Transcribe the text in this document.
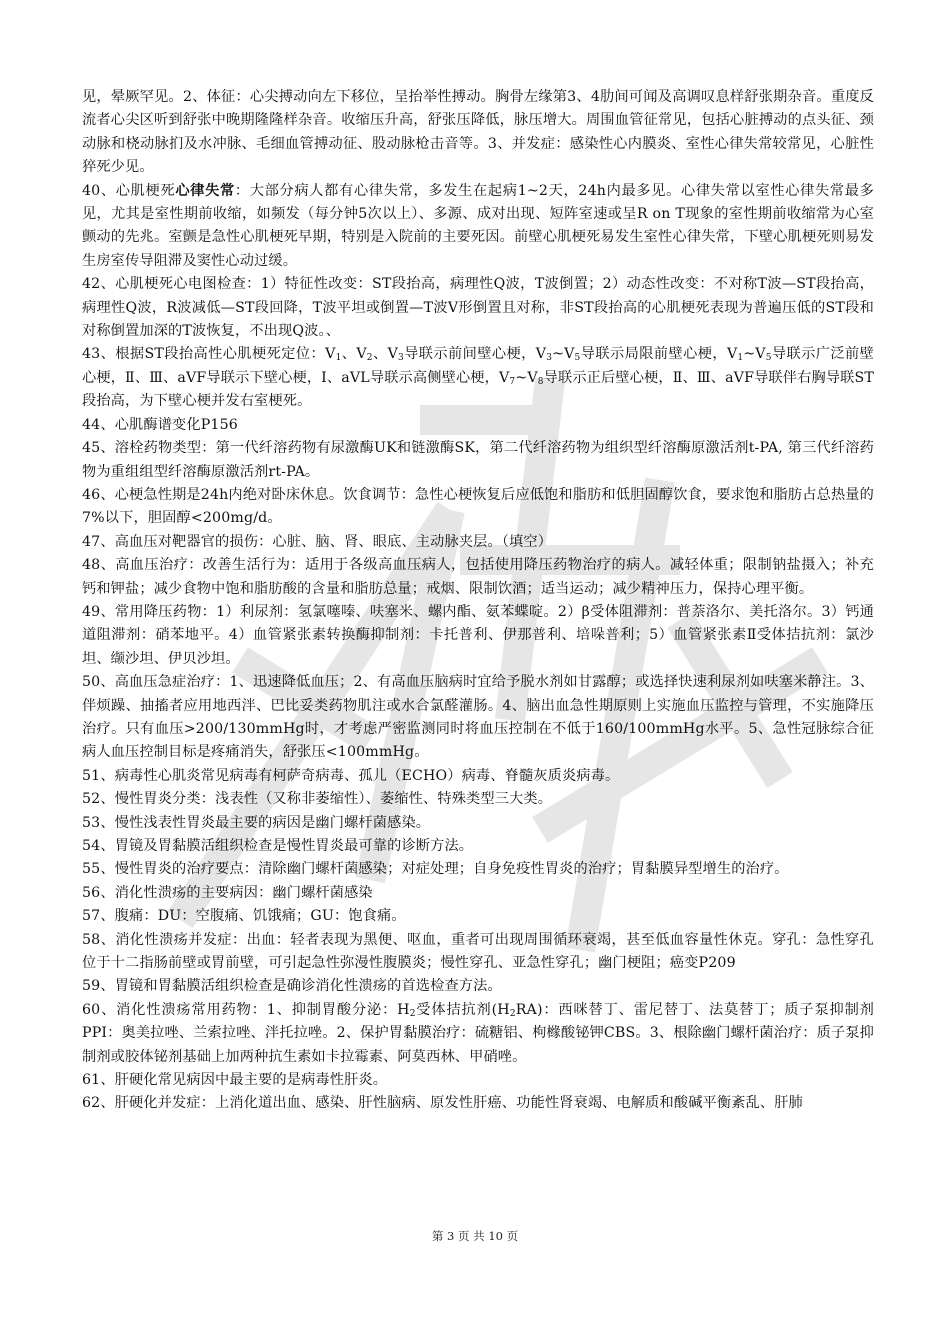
见，晕厥罕见。2、体征：心尖搏动向左下移位，呈抬举性搏动。胸骨左缘第3、4肋间可闻及高调叹息样舒张期杂音。重度反流者心尖区听到舒张中晚期隆隆样杂音。收缩压升高，舒张压降低，脉压增大。周围血管征常见，包括心脏搏动的点头征、颈动脉和桡动脉扪及水冲脉、毛细血管搏动征、股动脉枪击音等。3、并发症：感染性心内膜炎、室性心律失常较常见，心脏性猝死少见。

40、心肌梗死心律失常：大部分病人都有心律失常，多发生在起病1~2天，24h内最多见。心律失常以室性心律失常最多见，尤其是室性期前收缩，如频发（每分钟5次以上）、多源、成对出现、短阵室速或呈R on T现象的室性期前收缩常为心室颤动的先兆。室颤是急性心肌梗死早期，特别是入院前的主要死因。前壁心肌梗死易发生室性心律失常，下壁心肌梗死则易发生房室传导阻滞及窦性心动过缓。

42、心肌梗死心电图检查：1）特征性改变：ST段抬高，病理性Q波，T波倒置；2）动态性改变：不对称T波—ST段抬高，病理性Q波，R波减低—ST段回降，T波平坦或倒置—T波V形倒置且对称，非ST段抬高的心肌梗死表现为普遍压低的ST段和对称倒置加深的T波恢复，不出现Q波。、

43、根据ST段抬高性心肌梗死定位：$V_1$、$V_2$、$V_3$导联示前间壁心梗，$V_3\sim V_5$导联示局限前壁心梗，$V_1\sim V_5$导联示广泛前壁心梗，Ⅱ、Ⅲ、aVF导联示下壁心梗，Ⅰ、aVL导联示高侧壁心梗，$V_7\sim V_8$导联示正后壁心梗，Ⅱ、Ⅲ、aVF导联伴右胸导联ST段抬高，为下壁心梗并发右室梗死。

44、心肌酶谱变化P156

45、溶栓药物类型：第一代纤溶药物有尿激酶UK和链激酶SK，第二代纤溶药物为组织型纤溶酶原激活剂t-PA, 第三代纤溶药物为重组组型纤溶酶原激活剂rt-PA。

46、心梗急性期是24h内绝对卧床休息。饮食调节：急性心梗恢复后应低饱和脂肪和低胆固醇饮食，要求饱和脂肪占总热量的7%以下，胆固醇<200mg/d。

47、高血压对靶器官的损伤：心脏、脑、肾、眼底、主动脉夹层。（填空）

48、高血压治疗：改善生活行为：适用于各级高血压病人，包括使用降压药物治疗的病人。减轻体重；限制钠盐摄入；补充钙和钾盐；减少食物中饱和脂肪酸的含量和脂肪总量；戒烟、限制饮酒；适当运动；减少精神压力，保持心理平衡。

49、常用降压药物：1）利尿剂：氢氯噻嗪、呋塞米、螺内酯、氨苯蝶啶。2）β受体阻滞剂：普萘洛尔、美托洛尔。3）钙通道阻滞剂：硝苯地平。4）血管紧张素转换酶抑制剂：卡托普利、伊那普利、培哚普利；5）血管紧张素Ⅱ受体拮抗剂：氯沙坦、缬沙坦、伊贝沙坦。

50、高血压急症治疗：1、迅速降低血压；2、有高血压脑病时宜给予脱水剂如甘露醇；或选择快速利尿剂如呋塞米静注。3、伴烦躁、抽搐者应用地西泮、巴比妥类药物肌注或水合氯醛灌肠。4、脑出血急性期原则上实施血压监控与管理，不实施降压治疗。只有血压>200/130mmHg时，才考虑严密监测同时将血压控制在不低于160/100mmHg水平。5、急性冠脉综合征病人血压控制目标是疼痛消失，舒张压<100mmHg。

51、病毒性心肌炎常见病毒有柯萨奇病毒、孤儿（ECHO）病毒、脊髓灰质炎病毒。

52、慢性胃炎分类：浅表性（又称非萎缩性）、萎缩性、特殊类型三大类。

53、慢性浅表性胃炎最主要的病因是幽门螺杆菌感染。

54、胃镜及胃黏膜活组织检查是慢性胃炎最可靠的诊断方法。

55、慢性胃炎的治疗要点：清除幽门螺杆菌感染；对症处理；自身免疫性胃炎的治疗；胃黏膜异型增生的治疗。

56、消化性溃疡的主要病因：幽门螺杆菌感染

57、腹痛：DU：空腹痛、饥饿痛；GU：饱食痛。

58、消化性溃疡并发症：出血：轻者表现为黑便、呕血，重者可出现周围循环衰竭，甚至低血容量性休克。穿孔：急性穿孔位于十二指肠前壁或胃前壁，可引起急性弥漫性腹膜炎；慢性穿孔、亚急性穿孔；幽门梗阻；癌变P209

59、胃镜和胃黏膜活组织检查是确诊消化性溃疡的首选检查方法。

60、消化性溃疡常用药物：1、抑制胃酸分泌：$H_2$受体拮抗剂$(H_2RA)$：西咪替丁、雷尼替丁、法莫替丁；质子泵抑制剂PPI：奥美拉唑、兰索拉唑、泮托拉唑。2、保护胃黏膜治疗：硫糖铝、枸橼酸铋钾CBS。3、根除幽门螺杆菌治疗：质子泵抑制剂或胶体铋剂基础上加两种抗生素如卡拉霉素、阿莫西林、甲硝唑。

61、肝硬化常见病因中最主要的是病毒性肝炎。

62、肝硬化并发症：上消化道出血、感染、肝性脑病、原发性肝癌、功能性肾衰竭、电解质和酸碱平衡紊乱、肝肺

第 3 页 共 10 页
